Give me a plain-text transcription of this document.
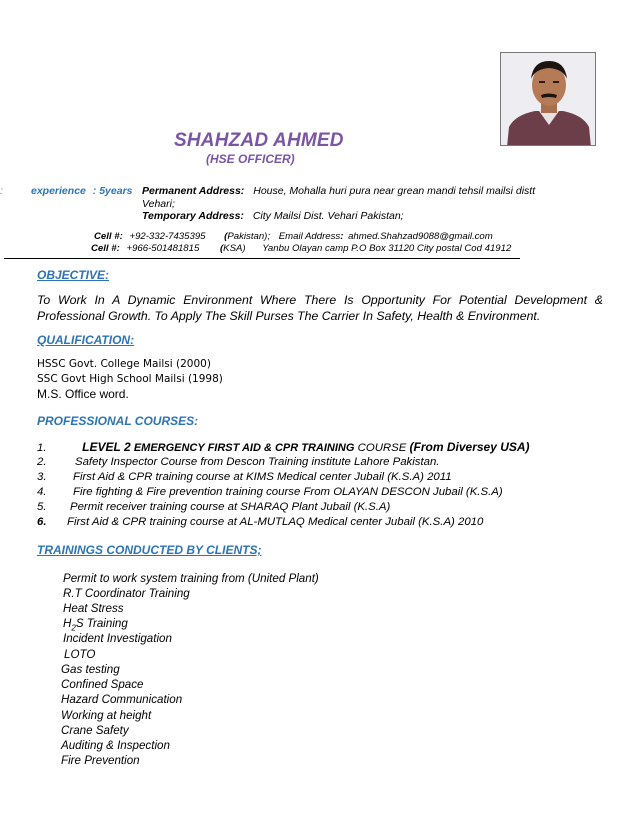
SHAHZAD AHMED
(HSE OFFICER)
:	experience : 5years Permanent Address: House, Mohalla huri pura near grean mandi tehsil mailsi distt
Vehari;
Temporary Address: City Mailsi Dist. Vehari Pakistan;
Cell #: +92-332-7435395 (Pakistan); Email Address: ahmed.Shahzad9088@gmail.com
Cell #: +966-501481815 (KSA) Yanbu Olayan camp P.O Box 31120 City postal Cod 41912
OBJECTIVE:
To Work In A Dynamic Environment Where There Is Opportunity For Potential Development & Professional Growth. To Apply The Skill Purses The Carrier In Safety, Health & Environment.
QUALIFICATION:
HSSC Govt. College Mailsi (2000)
SSC Govt High School Mailsi (1998)
M.S. Office word.
PROFESSIONAL COURSES:
1.	LEVEL 2 EMERGENCY FIRST AID & CPR TRAINING COURSE (From Diversey USA)
2.	Safety Inspector Course from Descon Training institute Lahore Pakistan.
3. First Aid & CPR training course at KIMS Medical center Jubail (K.S.A) 2011
4. Fire fighting & Fire prevention training course From OLAYAN DESCON Jubail (K.S.A)
5. Permit receiver training course at SHARAQ Plant Jubail (K.S.A)
6. First Aid & CPR training course at AL-MUTLAQ Medical center Jubail (K.S.A) 2010
TRAININGS CONDUCTED BY CLIENTS;
Permit to work system training from (United Plant)
R.T Coordinator Training
Heat Stress
$H_2S$ Training
Incident Investigation
LOTO
Gas testing
Confined Space
Hazard Communication
Working at height
Crane Safety
Auditing & Inspection
Fire Prevention
